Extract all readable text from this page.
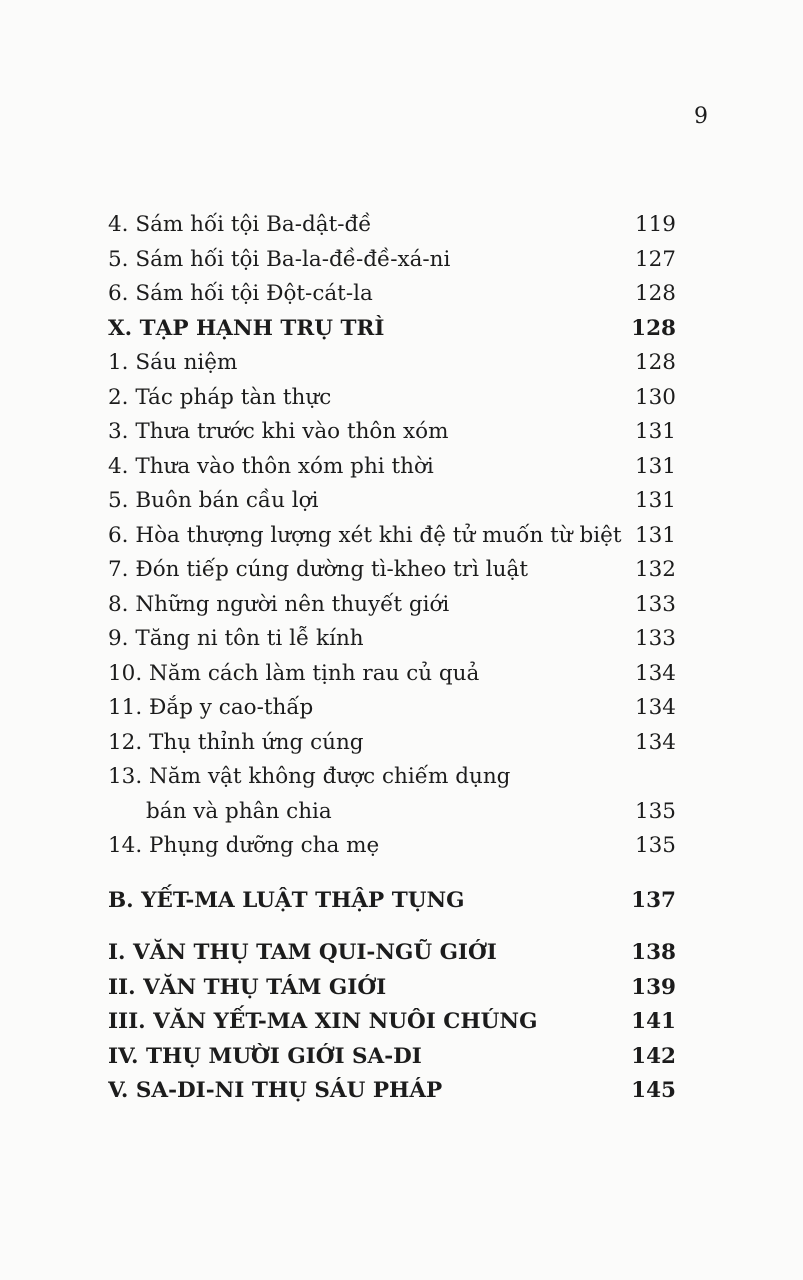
9
4. Sám hối tội Ba-dật-đề	119
5. Sám hối tội Ba-la-đề-đề-xá-ni	127
6. Sám hối tội Đột-cát-la	128
X. TẠP HẠNH TRỤ TRÌ	128
1. Sáu niệm	128
2. Tác pháp tàn thực	130
3. Thưa trước khi vào thôn xóm	131
4. Thưa vào thôn xóm phi thời	131
5. Buôn bán cầu lợi	131
6. Hòa thượng lượng xét khi đệ tử muốn từ biệt 131
7. Đón tiếp cúng dường tì-kheo trì luật	132
8. Những người nên thuyết giới	133
9. Tăng ni tôn ti lễ kính	133
10. Năm cách làm tịnh rau củ quả	134
11. Đắp y cao-thấp	134
12. Thụ thỉnh ứng cúng	134
13. Năm vật không được chiếm dụng
bán và phân chia	135
14. Phụng dưỡng cha mẹ	135
B. YẾT-MA LUẬT THẬP TỤNG	137
I. VĂN THỤ TAM QUI-NGŨ GIỚI	138
II. VĂN THỤ TÁM GIỚI	139
III. VĂN YẾT-MA XIN NUÔI CHÚNG	141
IV. THỤ MƯỜI GIỚI SA-DI	142
V. SA-DI-NI THỤ SÁU PHÁP	145
